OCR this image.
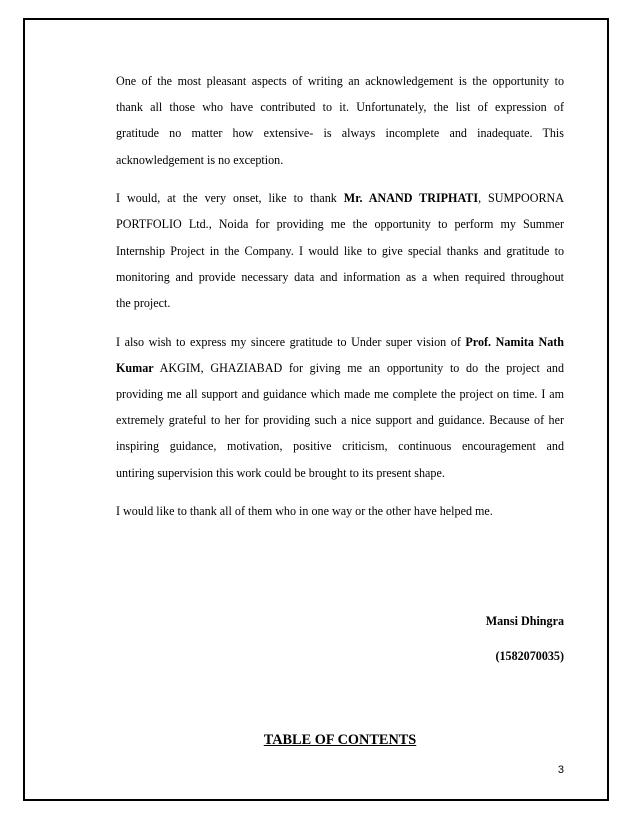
One of the most pleasant aspects of writing an acknowledgement is the opportunity to
thank all those who have contributed to it. Unfortunately, the list of expression of
gratitude no matter how extensive- is always incomplete and inadequate. This
acknowledgement is no exception.
I would, at the very onset, like to thank Mr. ANAND TRIPHATI, SUMPOORNA
PORTFOLIO Ltd., Noida for providing me the opportunity to perform my Summer
Internship Project in the Company. I would like to give special thanks and gratitude to
monitoring and provide necessary data and information as a when required throughout
the project.
I also wish to express my sincere gratitude to Under super vision of Prof. Namita Nath
Kumar AKGIM, GHAZIABAD for giving me an opportunity to do the project and
providing me all support and guidance which made me complete the project on time. I am
extremely grateful to her for providing such a nice support and guidance. Because of her
inspiring guidance, motivation, positive criticism, continuous encouragement and
untiring supervision this work could be brought to its present shape.
I would like to thank all of them who in one way or the other have helped me.
Mansi Dhingra
(1582070035)
TABLE OF CONTENTS
3
